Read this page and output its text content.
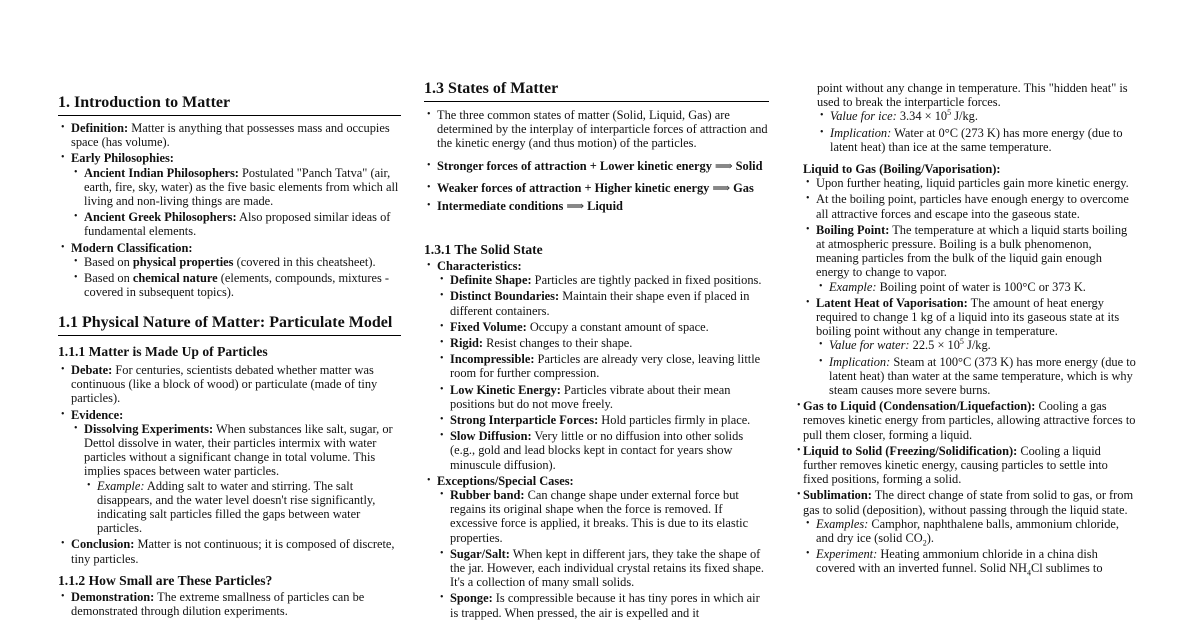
1. Introduction to Matter
• Definition: Matter is anything that possesses mass and occupies space (has volume).
• Early Philosophies:
• Ancient Indian Philosophers: Postulated "Panch Tatva" (air, earth, fire, sky, water) as the five basic elements from which all living and non-living things are made.
• Ancient Greek Philosophers: Also proposed similar ideas of fundamental elements.
• Modern Classification:
• Based on physical properties (covered in this cheatsheet).
• Based on chemical nature (elements, compounds, mixtures - covered in subsequent topics).
1.1 Physical Nature of Matter: Particulate Model
1.1.1 Matter is Made Up of Particles
• Debate: For centuries, scientists debated whether matter was continuous (like a block of wood) or particulate (made of tiny particles).
• Evidence:
• Dissolving Experiments: When substances like salt, sugar, or Dettol dissolve in water, their particles intermix with water particles without a significant change in total volume. This implies spaces between water particles.
• Example: Adding salt to water and stirring. The salt disappears, and the water level doesn't rise significantly, indicating salt particles filled the gaps between water particles.
• Conclusion: Matter is not continuous; it is composed of discrete, tiny particles.
1.1.2 How Small are These Particles?
• Demonstration: The extreme smallness of particles can be demonstrated through dilution experiments.
1.3 States of Matter
• The three common states of matter (Solid, Liquid, Gas) are determined by the interplay of interparticle forces of attraction and the kinetic energy (and thus motion) of the particles.
• Stronger forces of attraction + Lower kinetic energy ⟹ Solid
• Weaker forces of attraction + Higher kinetic energy ⟹ Gas
• Intermediate conditions ⟹ Liquid
1.3.1 The Solid State
• Characteristics:
• Definite Shape: Particles are tightly packed in fixed positions.
• Distinct Boundaries: Maintain their shape even if placed in different containers.
• Fixed Volume: Occupy a constant amount of space.
• Rigid: Resist changes to their shape.
• Incompressible: Particles are already very close, leaving little room for further compression.
• Low Kinetic Energy: Particles vibrate about their mean positions but do not move freely.
• Strong Interparticle Forces: Hold particles firmly in place.
• Slow Diffusion: Very little or no diffusion into other solids (e.g., gold and lead blocks kept in contact for years show minuscule diffusion).
• Exceptions/Special Cases:
• Rubber band: Can change shape under external force but regains its original shape when the force is removed. If excessive force is applied, it breaks. This is due to its elastic properties.
• Sugar/Salt: When kept in different jars, they take the shape of the jar. However, each individual crystal retains its fixed shape. It's a collection of many small solids.
• Sponge: Is compressible because it has tiny pores in which air is trapped. When pressed, the air is expelled and it
point without any change in temperature. This "hidden heat" is used to break the interparticle forces.
• Value for ice: $3.34 \times 10^5$ J/kg.
• Implication: Water at 0°C (273 K) has more energy (due to latent heat) than ice at the same temperature.
Liquid to Gas (Boiling/Vaporisation):
• Upon further heating, liquid particles gain more kinetic energy.
• At the boiling point, particles have enough energy to overcome all attractive forces and escape into the gaseous state.
• Boiling Point: The temperature at which a liquid starts boiling at atmospheric pressure. Boiling is a bulk phenomenon, meaning particles from the bulk of the liquid gain enough energy to change to vapor.
• Example: Boiling point of water is 100°C or 373 K.
• Latent Heat of Vaporisation: The amount of heat energy required to change 1 kg of a liquid into its gaseous state at its boiling point without any change in temperature.
• Value for water: $22.5 \times 10^5$ J/kg.
• Implication: Steam at 100°C (373 K) has more energy (due to latent heat) than water at the same temperature, which is why steam causes more severe burns.
• Gas to Liquid (Condensation/Liquefaction): Cooling a gas removes kinetic energy from particles, allowing attractive forces to pull them closer, forming a liquid.
• Liquid to Solid (Freezing/Solidification): Cooling a liquid further removes kinetic energy, causing particles to settle into fixed positions, forming a solid.
• Sublimation: The direct change of state from solid to gas, or from gas to solid (deposition), without passing through the liquid state.
• Examples: Camphor, naphthalene balls, ammonium chloride, and dry ice (solid $CO_2$).
• Experiment: Heating ammonium chloride in a china dish covered with an inverted funnel. Solid $NH_4Cl$ sublimes to
